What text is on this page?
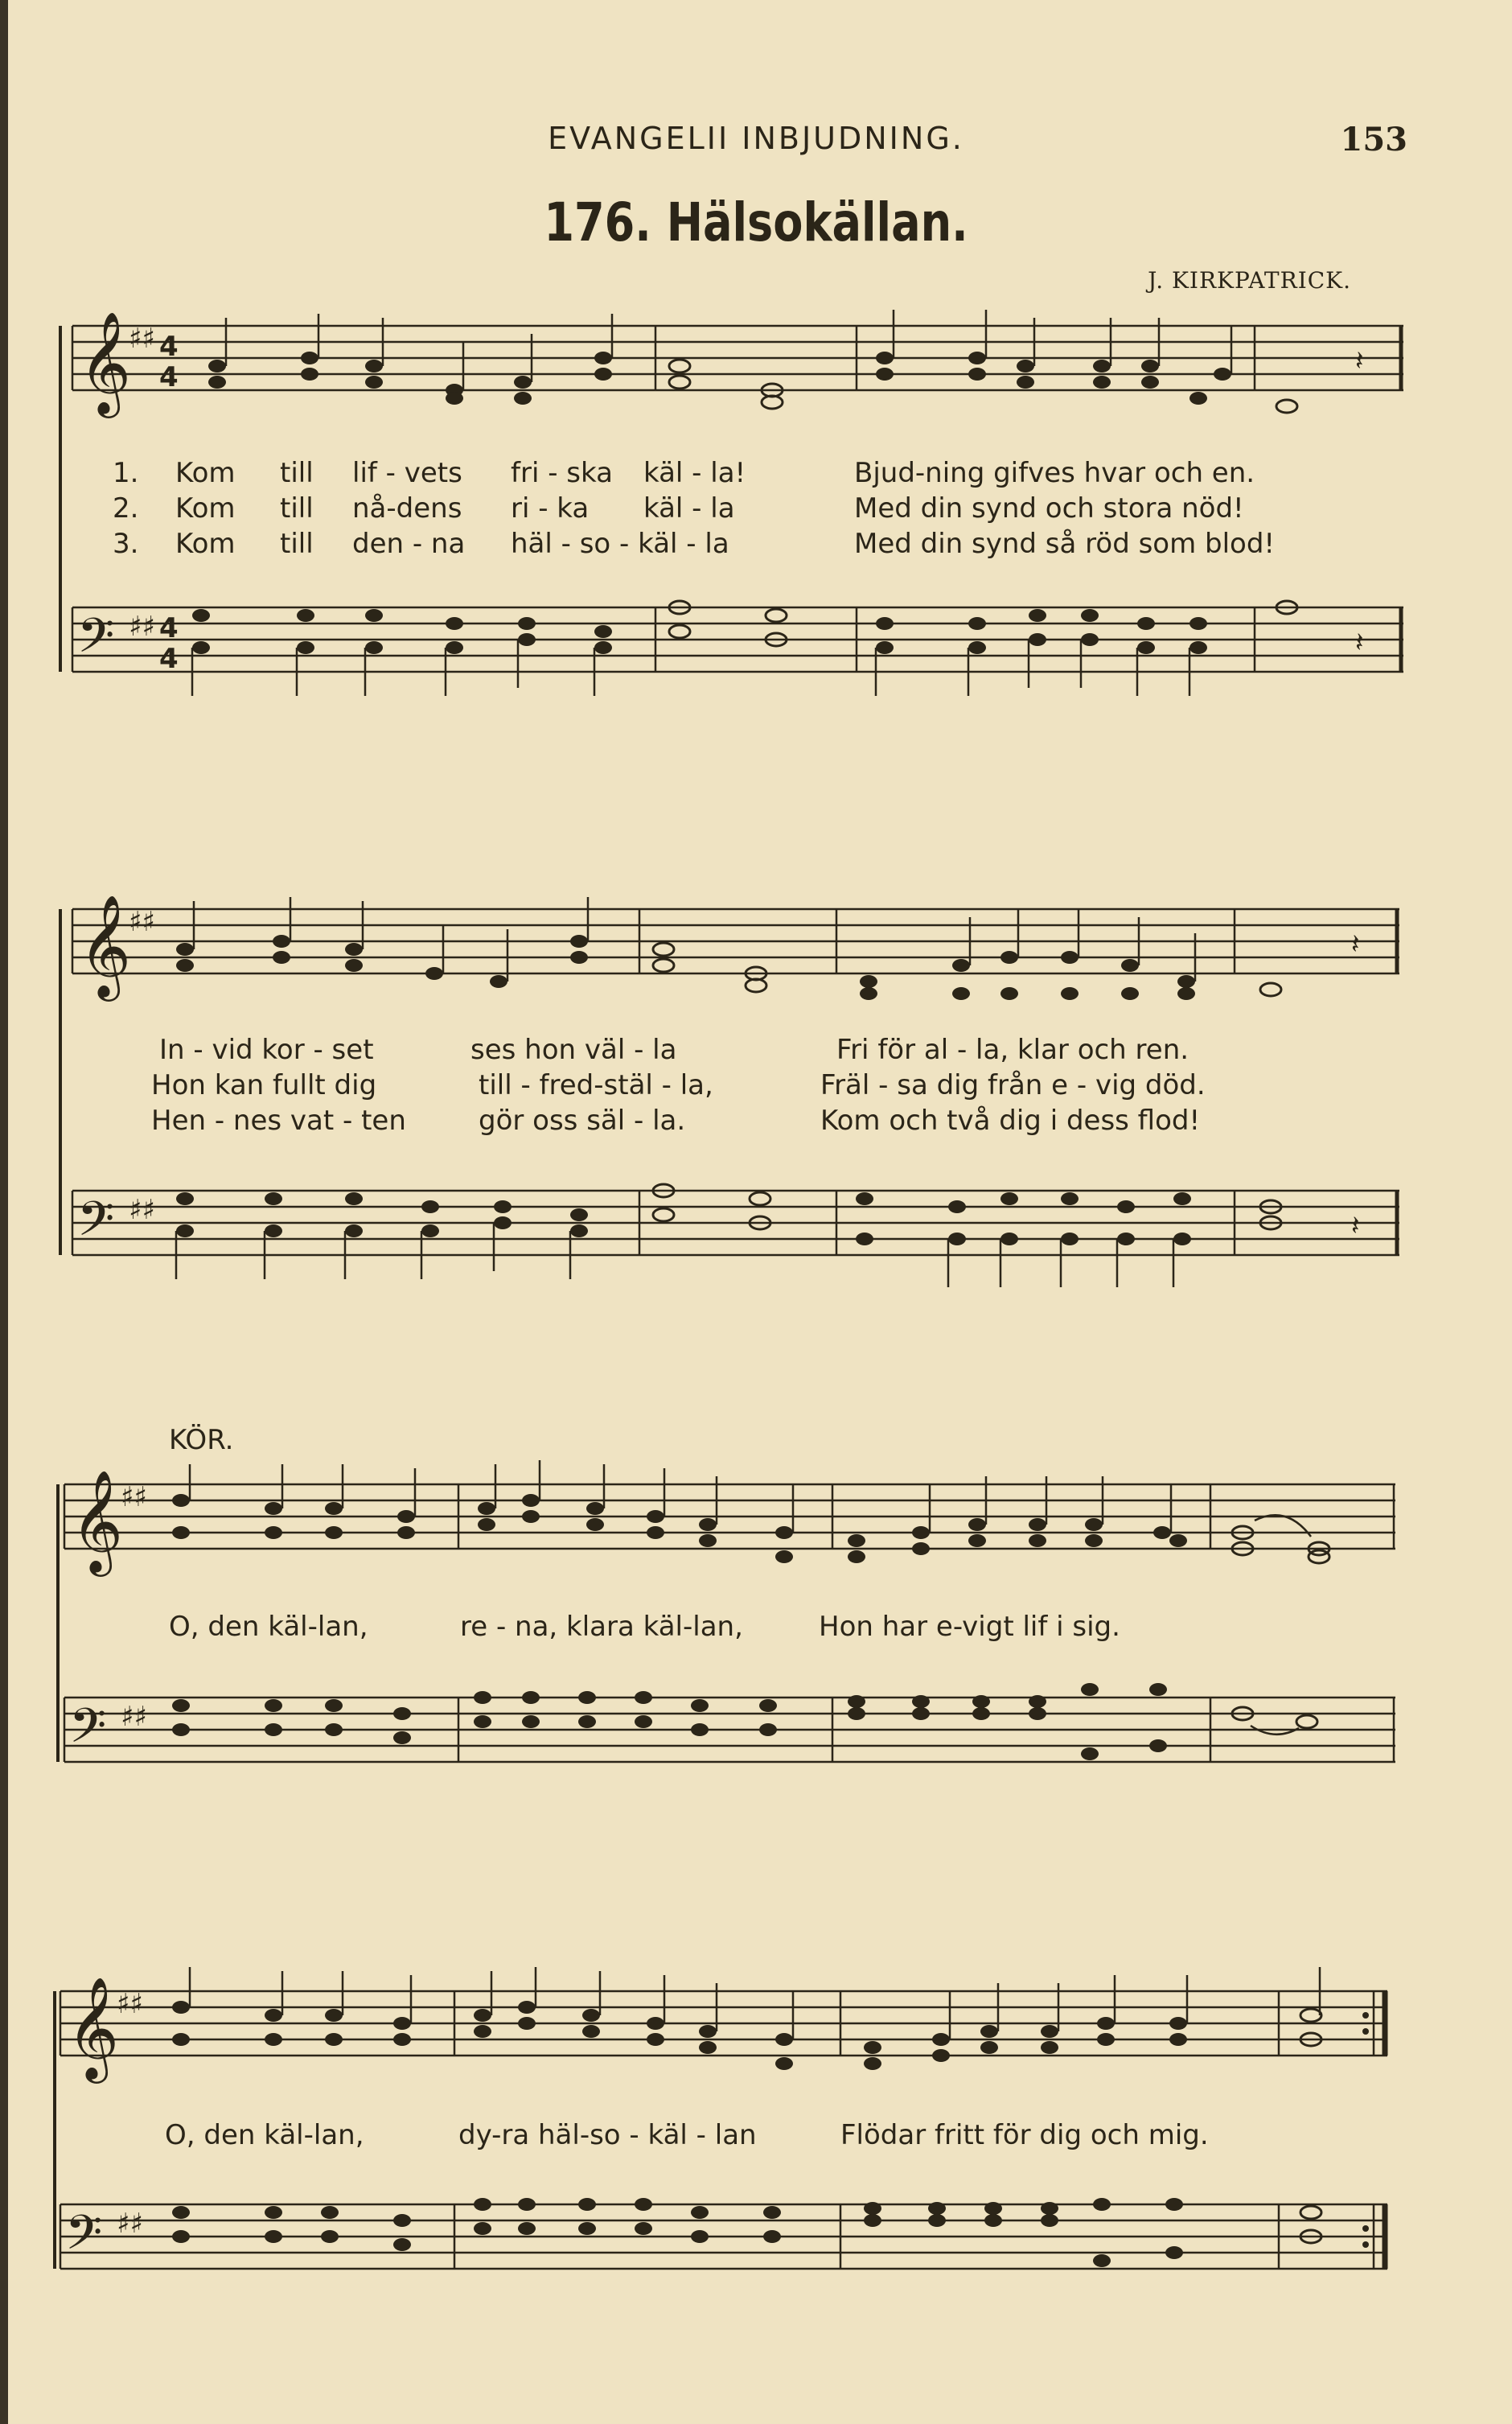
EVANGELII INBJUDNING.	153
176. Hälsokällan.
J. KIRKPATRICK.
𝄞
♯♯ 4
4	𝄽
𝄢 ♯♯ 4
4	𝄽
1. Kom till lif - vets fri - ska käl - la!	Bjud-ning gifves hvar och en.
2. Kom till nå-dens ri - ka käl - la	Med din synd och stora nöd!
3. Kom till den - na häl - so - käl - la	Med din synd så röd som blod!
𝄞
♯♯
𝄽
𝄢 ♯♯	𝄽
In - vid kor - set	ses hon väl - la	Fri för al - la, klar och ren.
Hon kan fullt dig	till - fred-stäl - la,	Fräl - sa dig från e - vig död.
Hen - nes vat - ten	gör oss säl - la.	Kom och två dig i dess flod!
KÖR.
𝄞
♯♯
𝄢 ♯♯
O, den käl-lan,	re - na, klara käl-lan,	Hon har e-vigt lif i sig.
𝄞
♯♯
𝄢 ♯♯
O, den käl-lan,	dy-ra häl-so - käl - lan	Flödar fritt för dig och mig.
